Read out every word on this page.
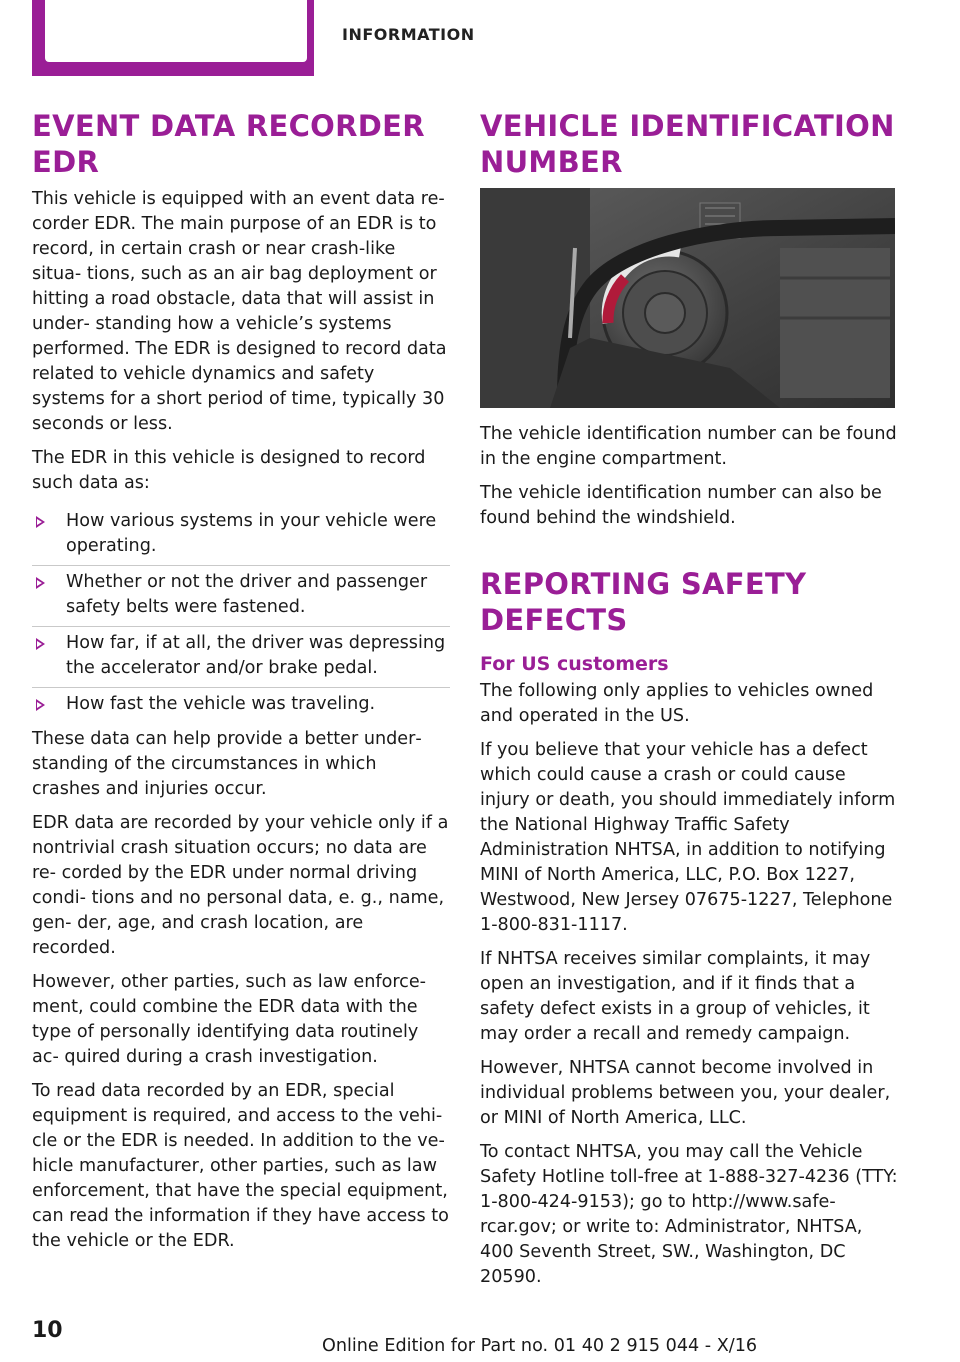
INFORMATION
EVENT DATA RECORDER EDR

This vehicle is equipped with an event data re‐ corder EDR. The main purpose of an EDR is to record, in certain crash or near crash-like situa‐ tions, such as an air bag deployment or hitting a road obstacle, data that will assist in under‐ standing how a vehicle’s systems performed. The EDR is designed to record data related to vehicle dynamics and safety systems for a short period of time, typically 30 seconds or less.

The EDR in this vehicle is designed to record such data as:

How various systems in your vehicle were operating.
Whether or not the driver and passenger safety belts were fastened.
How far, if at all, the driver was depressing the accelerator and/or brake pedal.
How fast the vehicle was traveling.

These data can help provide a better under‐ standing of the circumstances in which crashes and injuries occur.

EDR data are recorded by your vehicle only if a nontrivial crash situation occurs; no data are re‐ corded by the EDR under normal driving condi‐ tions and no personal data, e. g., name, gen‐ der, age, and crash location, are recorded.

However, other parties, such as law enforce‐ ment, could combine the EDR data with the type of personally identifying data routinely ac‐ quired during a crash investigation.

To read data recorded by an EDR, special equipment is required, and access to the vehi‐ cle or the EDR is needed. In addition to the ve‐ hicle manufacturer, other parties, such as law enforcement, that have the special equipment, can read the information if they have access to the vehicle or the EDR.

VEHICLE IDENTIFICATION NUMBER

The vehicle identification number can be found in the engine compartment.

The vehicle identification number can also be found behind the windshield.

REPORTING SAFETY DEFECTS
For US customers

The following only applies to vehicles owned and operated in the US.

If you believe that your vehicle has a defect which could cause a crash or could cause injury or death, you should immediately inform the National Highway Traffic Safety Administration NHTSA, in addition to notifying MINI of North America, LLC, P.O. Box 1227, Westwood, New Jersey 07675-1227, Telephone 1-800-831-1117.

If NHTSA receives similar complaints, it may open an investigation, and if it finds that a safety defect exists in a group of vehicles, it may order a recall and remedy campaign.

However, NHTSA cannot become involved in individual problems between you, your dealer, or MINI of North America, LLC.

To contact NHTSA, you may call the Vehicle Safety Hotline toll-free at 1-888-327-4236 (TTY: 1-800-424-9153); go to http://www.safe‐ rcar.gov; or write to: Administrator, NHTSA, 400 Seventh Street, SW., Washington, DC 20590.

10
Online Edition for Part no. 01 40 2 915 044 - X/16
